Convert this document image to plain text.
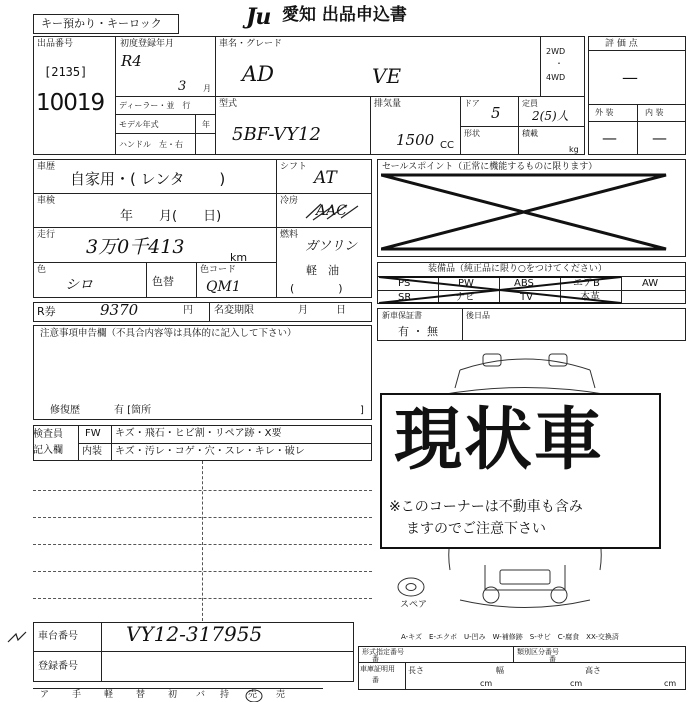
キー預かり・キーロック	Ju 愛知 出品申込書
出品番号
[2135]
10019
初度登録年月
R4
3 月
ディーラー・並　行
モデル年式	年
ハンドル　左・右
車名・グレード
AD	VE
2WD
・
4WD
型式
5BF-VY12
排気量
1500 CC
ドア
5
定員
2(5)人
形状	積載
kg
評 価 点
—
外 装	内 装
— —
車歴
自家用・( レンタ　　 )
車検
年　　月(　　日)
走行
3万0千413	km
色
シロ	色替
色コード
QM1
シフト
AT
冷房
AAC
燃料
ガソリン
軽　油
(　　　　)
セールスポイント（正常に機能するものに限ります）
装備品（純正品に限り○をつけてください）
PS	PW	ABS	エアB	AW
SR	ナビ	TV	本革
新車保証書
有 ・ 無
後日品
R券	9370	円 名変期限	月	日
注意事項申告欄（不具合内容等は具体的に記入して下さい）
修復歴	有 [箇所	]
検査員
記入欄
FW キズ・飛石・ヒビ割・リペア跡・X要
内装 キズ・汚レ・コゲ・穴・スレ・キレ・破レ
スペア
A-キズ　E-エクボ　U-凹み　W-補修跡　S-サビ　C-腐食　XX-交換済
現状車
※このコーナーは不動車も含み
ますのでご注意下さい
車台番号 VY12-317955
登録番号
形式指定番号
番
類別区分番号
番
車庫証明用
番
長さ	幅	高さ
cm	cm	cm
ア	手	軽	替	初 バ 持 売 売
